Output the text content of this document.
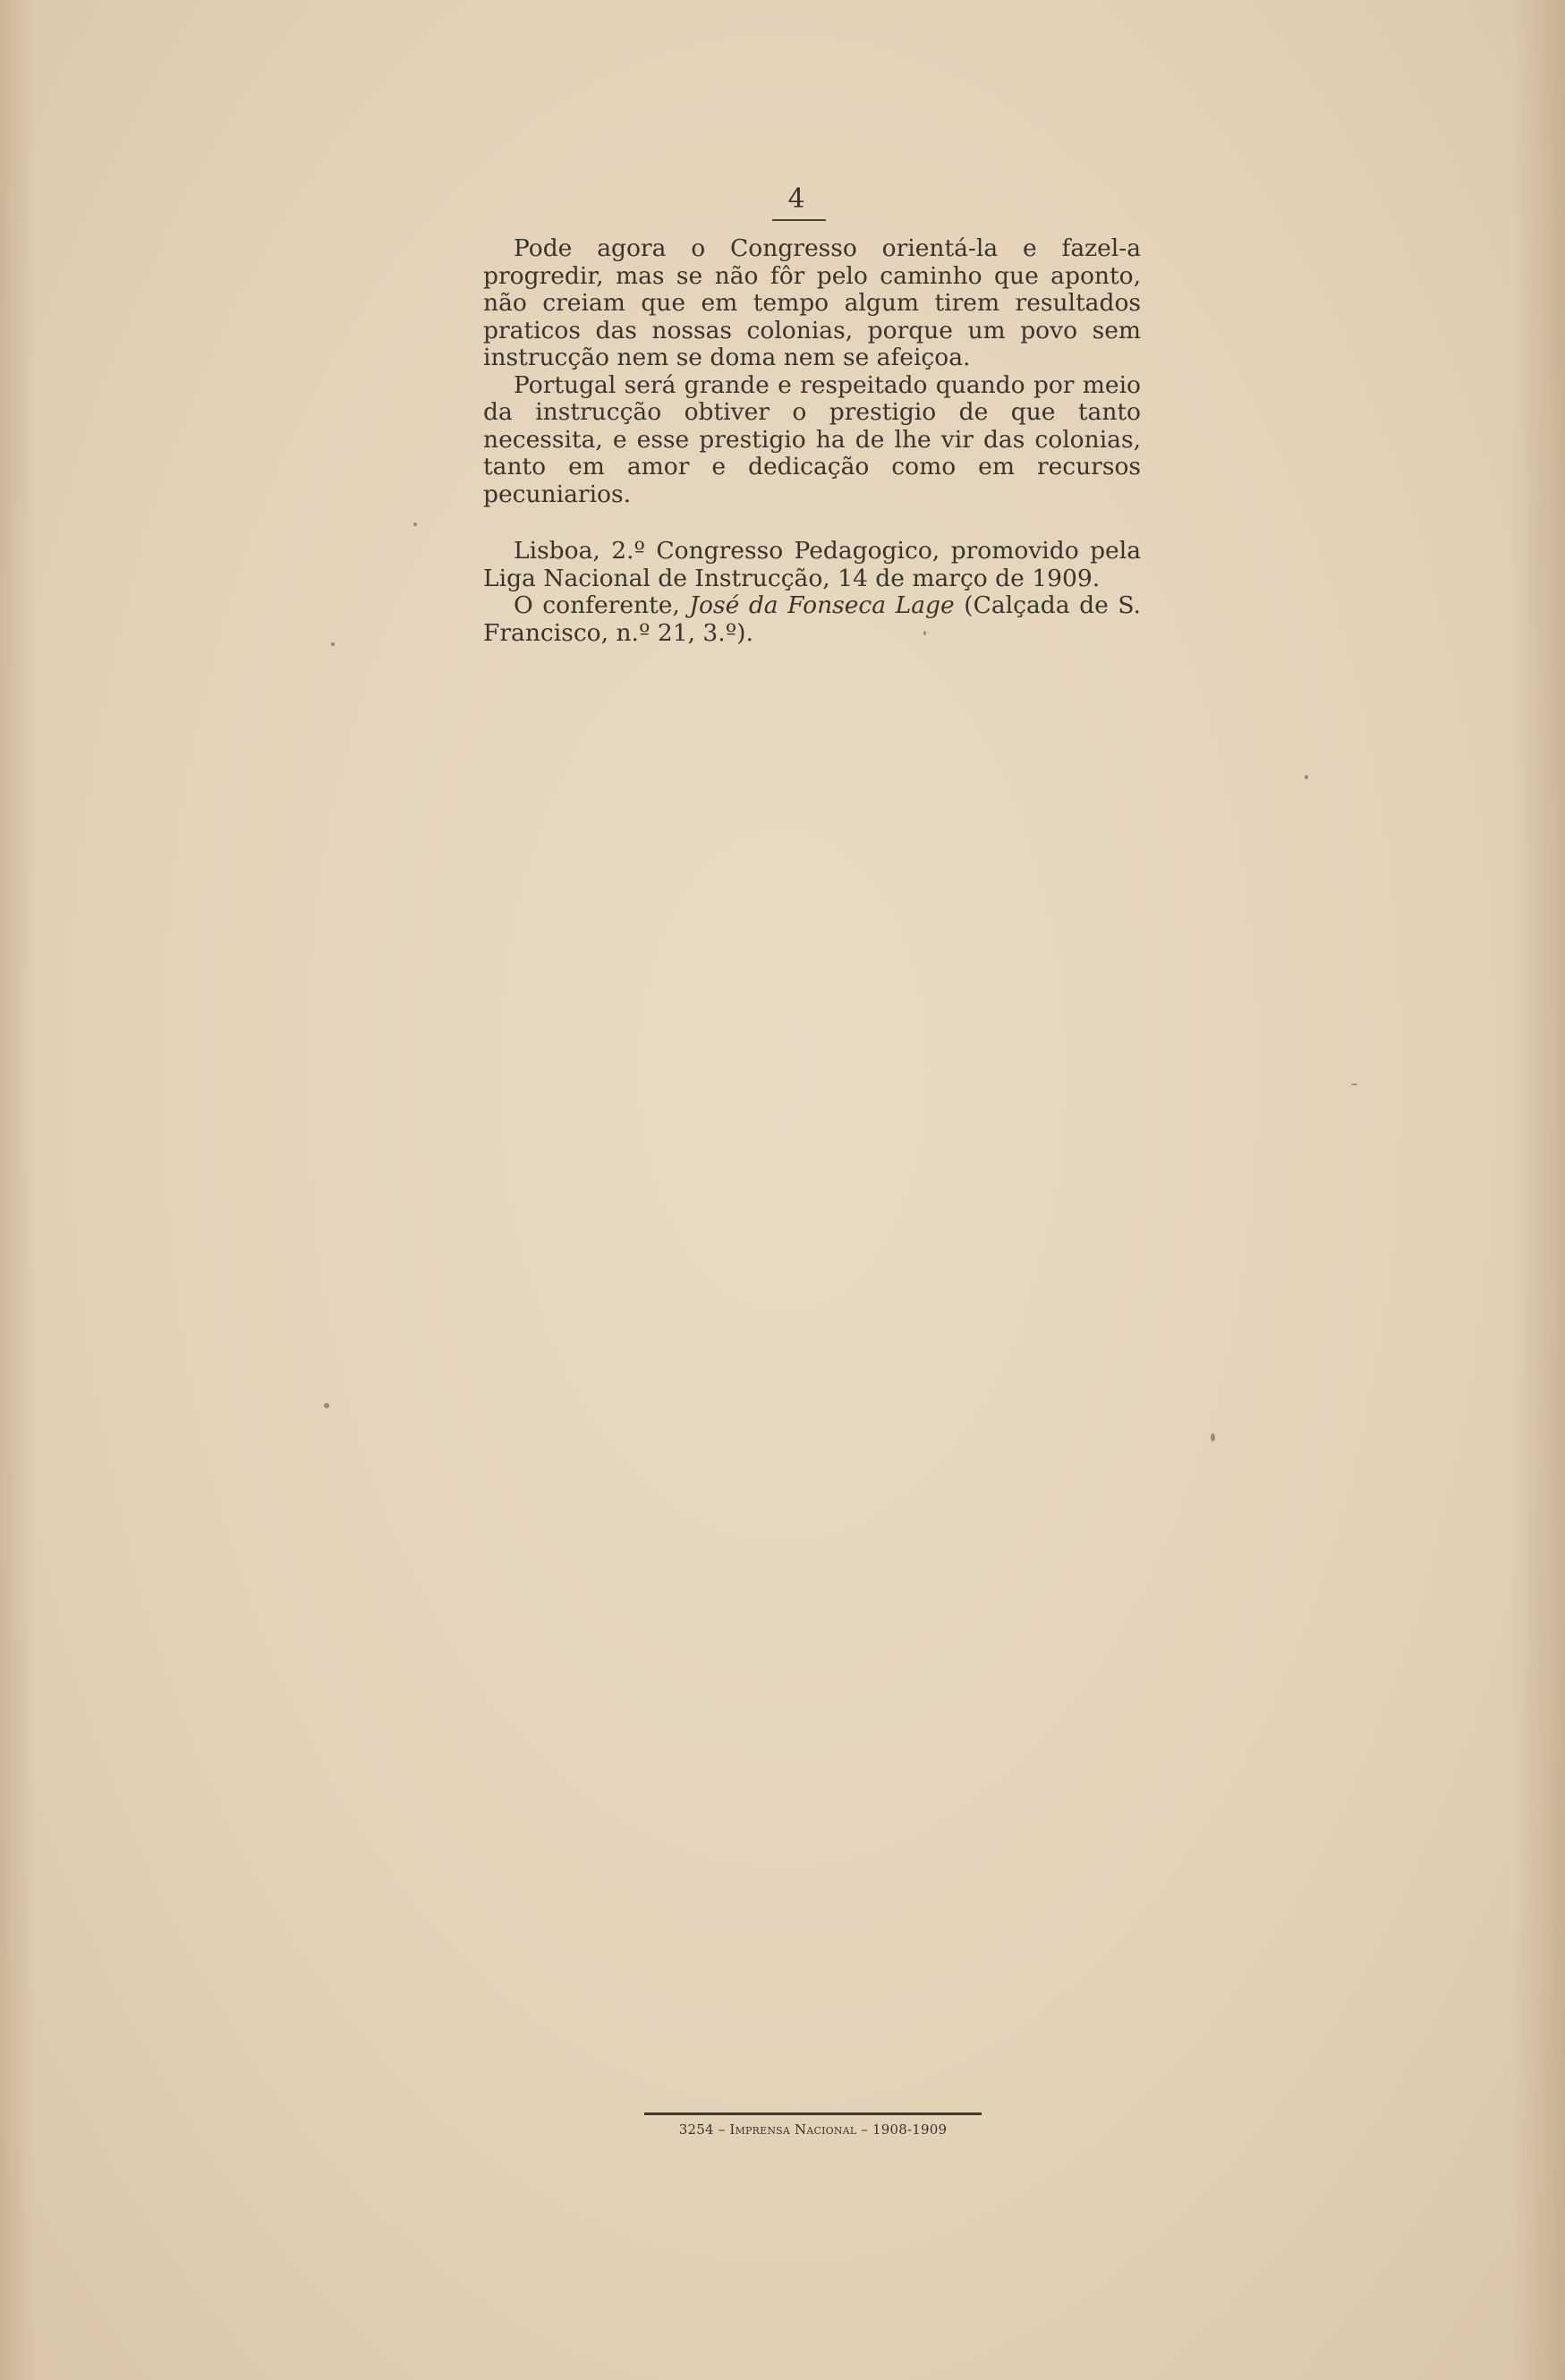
4

Pode agora o Congresso orientá-la e fazel-a progredir, mas se não fôr pelo caminho que aponto, não creiam que em tempo algum tirem resultados praticos das nossas colonias, porque um povo sem instrucção nem se doma nem se afeiçoa.

Portugal será grande e respeitado quando por meio da instrucção obtiver o prestigio de que tanto necessita, e esse prestigio ha de lhe vir das colonias, tanto em amor e dedicação como em recursos pecuniarios.

Lisboa, 2.º Congresso Pedagogico, promovido pela Liga Nacional de Instrucção, 14 de março de 1909.

O conferente, José da Fonseca Lage (Calçada de S. Francisco, n.º 21, 3.º).

3254 – Imprensa Nacional – 1908-1909
